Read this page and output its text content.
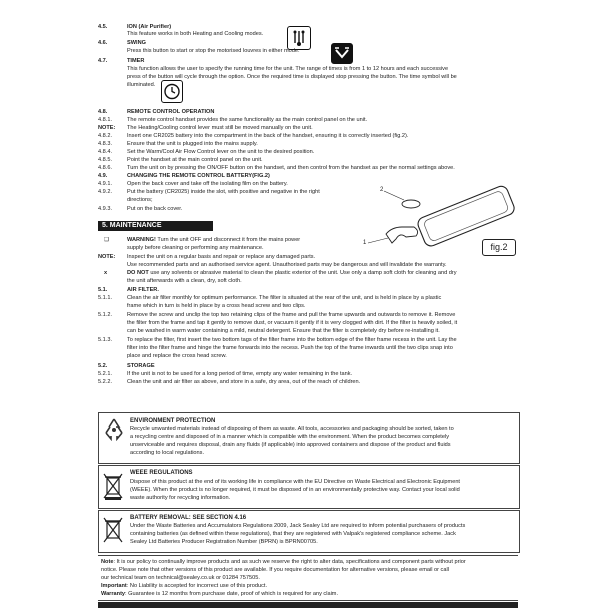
4.5.	ION (Air Purifier)
This feature works in both Heating and Cooling modes.
4.6.	SWING
Press this button to start or stop the motorised louvres in either mode.
4.7.	TIMER
This function allows the user to specify the running time for the unit. The range of times is from 1 to 12 hours and each successive
press of the button will cycle through the option. Once the required time is displayed stop pressing the button. The time symbol will be
illuminated.
4.8.	REMOTE CONTROL OPERATION
4.8.1.	The remote control handset provides the same functionality as the main control panel on the unit.
NOTE:	The Heating/Cooling control lever must still be moved manually on the unit.
4.8.2.	Insert one CR2025 battery into the compartment in the back of the handset, ensuring it is correctly inserted (fig.2).
4.8.3.	Ensure that the unit is plugged into the mains supply.
4.8.4.	Set the Warm/Cool Air Flow Control lever on the unit to the desired position.
4.8.5.	Point the handset at the main control panel on the unit.
4.8.6.	Turn the unit on by pressing the ON/OFF button on the handset, and then control from the handset as per the normal settings above.
4.9.	CHANGING THE REMOTE CONTROL BATTERY(FIG.2)
4.9.1.	Open the back cover and take off the isolating film on the battery.
4.9.2.	Put the battery (CR2025) inside the slot, with positive and negative in the right
directions;
4.9.3.	Put on the back cover.
2
1	fig.2
5. MAINTENANCE
❑	WARNING! Turn the unit OFF and disconnect it from the mains power
supply before cleaning or performing any maintenance.
NOTE:	Inspect the unit on a regular basis and repair or replace any damaged parts.
Use recommended parts and an authorised service agent. Unauthorised parts may be dangerous and will invalidate the warranty.
x	DO NOT use any solvents or abrasive material to clean the plastic exterior of the unit. Use only a damp soft cloth for cleaning and dry
the unit afterwards with a clean, dry, soft cloth.
5.1.	AIR FILTER.
5.1.1.	Clean the air filter monthly for optimum performance. The filter is situated at the rear of the unit, and is held in place by a plastic
frame which in turn is held in place by a cross head screw and two clips.
5.1.2.	Remove the screw and unclip the top two retaining clips of the frame and pull the frame upwards and outwards to remove it. Remove
the filter from the frame and tap it gently to remove dust, or vacuum it gently if it is very clogged with dirt. If the filter is heavily soiled, it
can be washed in warm water containing a mild, neutral detergent. Ensure that the filter is completely dry before re-installing it.
5.1.3.	To replace the filter, first insert the two bottom tags of the filter frame into the bottom edge of the filter frame recess in the unit. Lay the
filter into the filter frame and hinge the frame forwards into the recess. Push the top of the frame inwards until the two clips snap into
place and replace the cross head screw.
5.2.	STORAGE
5.2.1.	If the unit is not to be used for a long period of time, empty any water remaining in the tank.
5.2.2.	Clean the unit and air filter as above, and store in a safe, dry area, out of the reach of children.
ENVIRONMENT PROTECTION
Recycle unwanted materials instead of disposing of them as waste. All tools, accessories and packaging should be sorted, taken to
a recycling centre and disposed of in a manner which is compatible with the environment. When the product becomes completely
unserviceable and requires disposal, drain any fluids (if applicable) into approved containers and dispose of the product and fluids
according to local regulations.
WEEE REGULATIONS
Dispose of this product at the end of its working life in compliance with the EU Directive on Waste Electrical and Electronic Equipment
(WEEE). When the product is no longer required, it must be disposed of in an environmentally protective way. Contact your local solid
waste authority for recycling information.
BATTERY REMOVAL: SEE SECTION 4.16
Under the Waste Batteries and Accumulators Regulations 2009, Jack Sealey Ltd are required to inform potential purchasers of products
containing batteries (as defined within these regulations), that they are registered with Valpak's registered compliance scheme. Jack
Sealey Ltd Batteries Producer Registration Number (BPRN) is BPRN00705.
Note: It is our policy to continually improve products and as such we reserve the right to alter data, specifications and component parts without prior
notice. Please note that other versions of this product are available. If you require documentation for alternative versions, please email or call
our technical team on technical@sealey.co.uk or 01284 757505.
Important: No Liability is accepted for incorrect use of this product.
Warranty: Guarantee is 12 months from purchase date, proof of which is required for any claim.
